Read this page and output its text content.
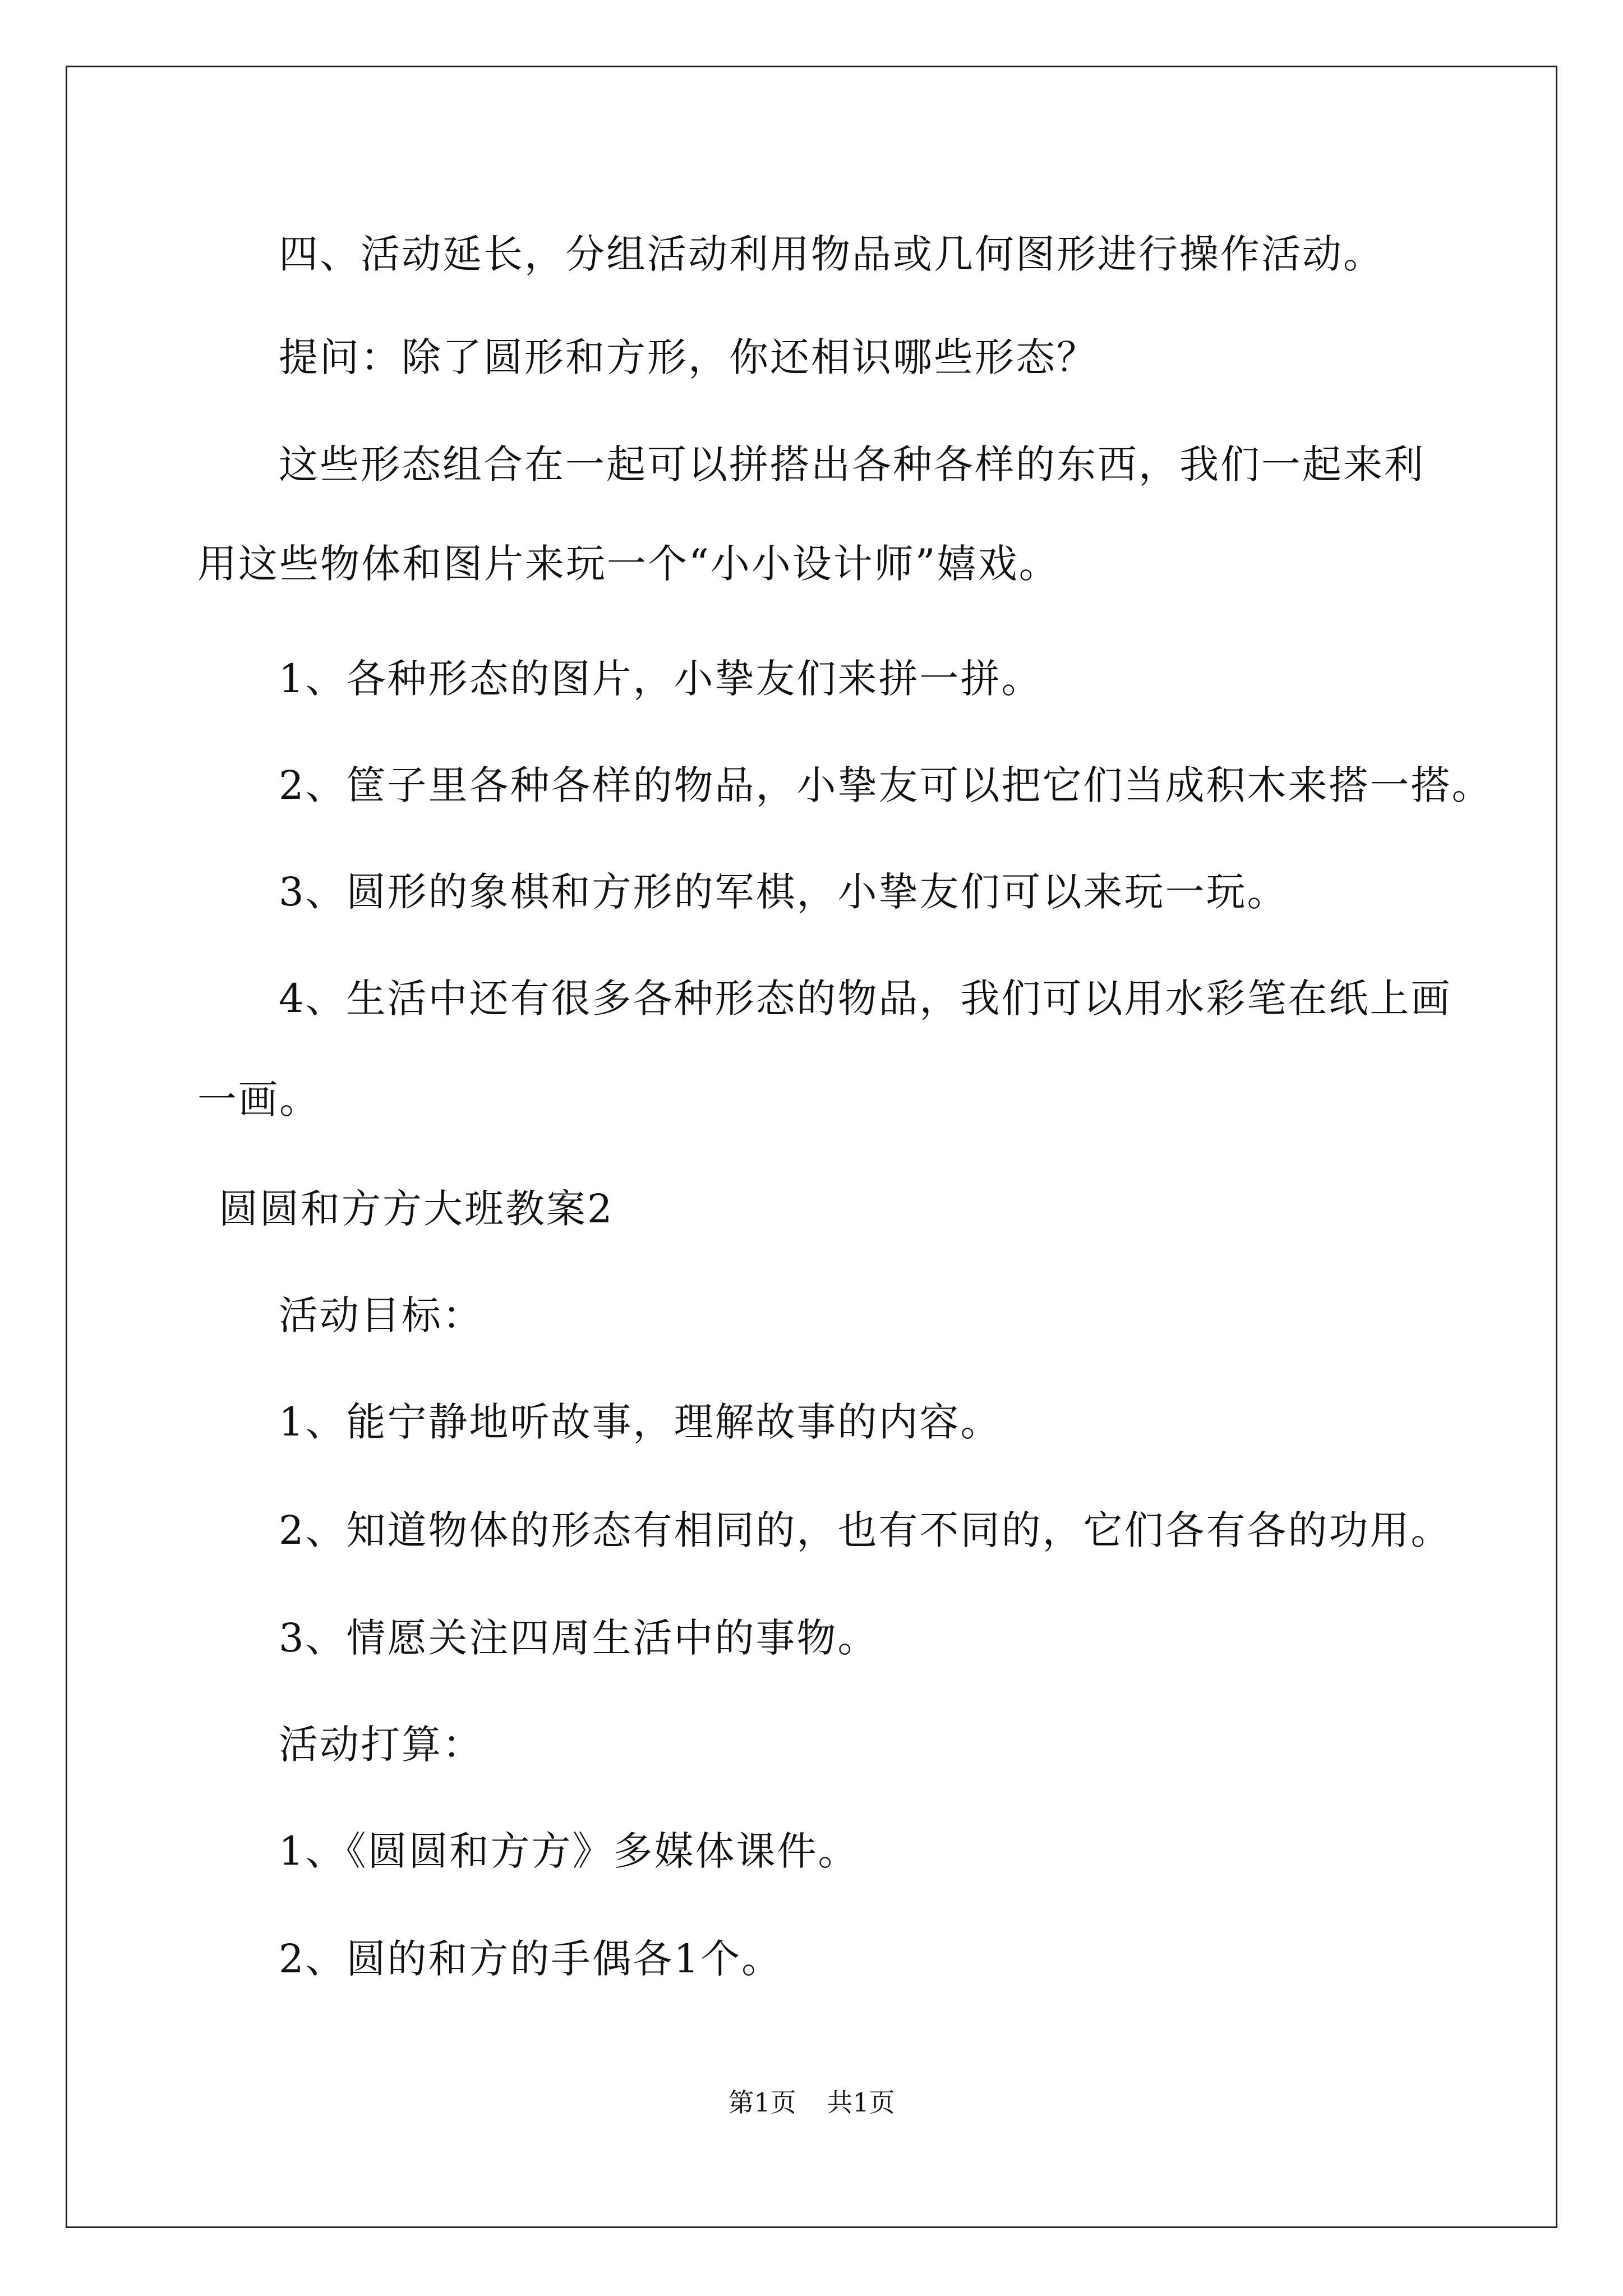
四、活动延长，分组活动利用物品或几何图形进行操作活动。
提问：除了圆形和方形，你还相识哪些形态？
这些形态组合在一起可以拼搭出各种各样的东西，我们一起来利
用这些物体和图片来玩一个“小小设计师”嬉戏。
1、各种形态的图片，小挚友们来拼一拼。
2、筐子里各种各样的物品，小挚友可以把它们当成积木来搭一搭。
3、圆形的象棋和方形的军棋，小挚友们可以来玩一玩。
4、生活中还有很多各种形态的物品，我们可以用水彩笔在纸上画
一画。
圆圆和方方大班教案2
活动目标：
1、能宁静地听故事，理解故事的内容。
2、知道物体的形态有相同的，也有不同的，它们各有各的功用。
3、情愿关注四周生活中的事物。
活动打算：
1、《圆圆和方方》多媒体课件。
2、圆的和方的手偶各1个。
第1页 共1页
